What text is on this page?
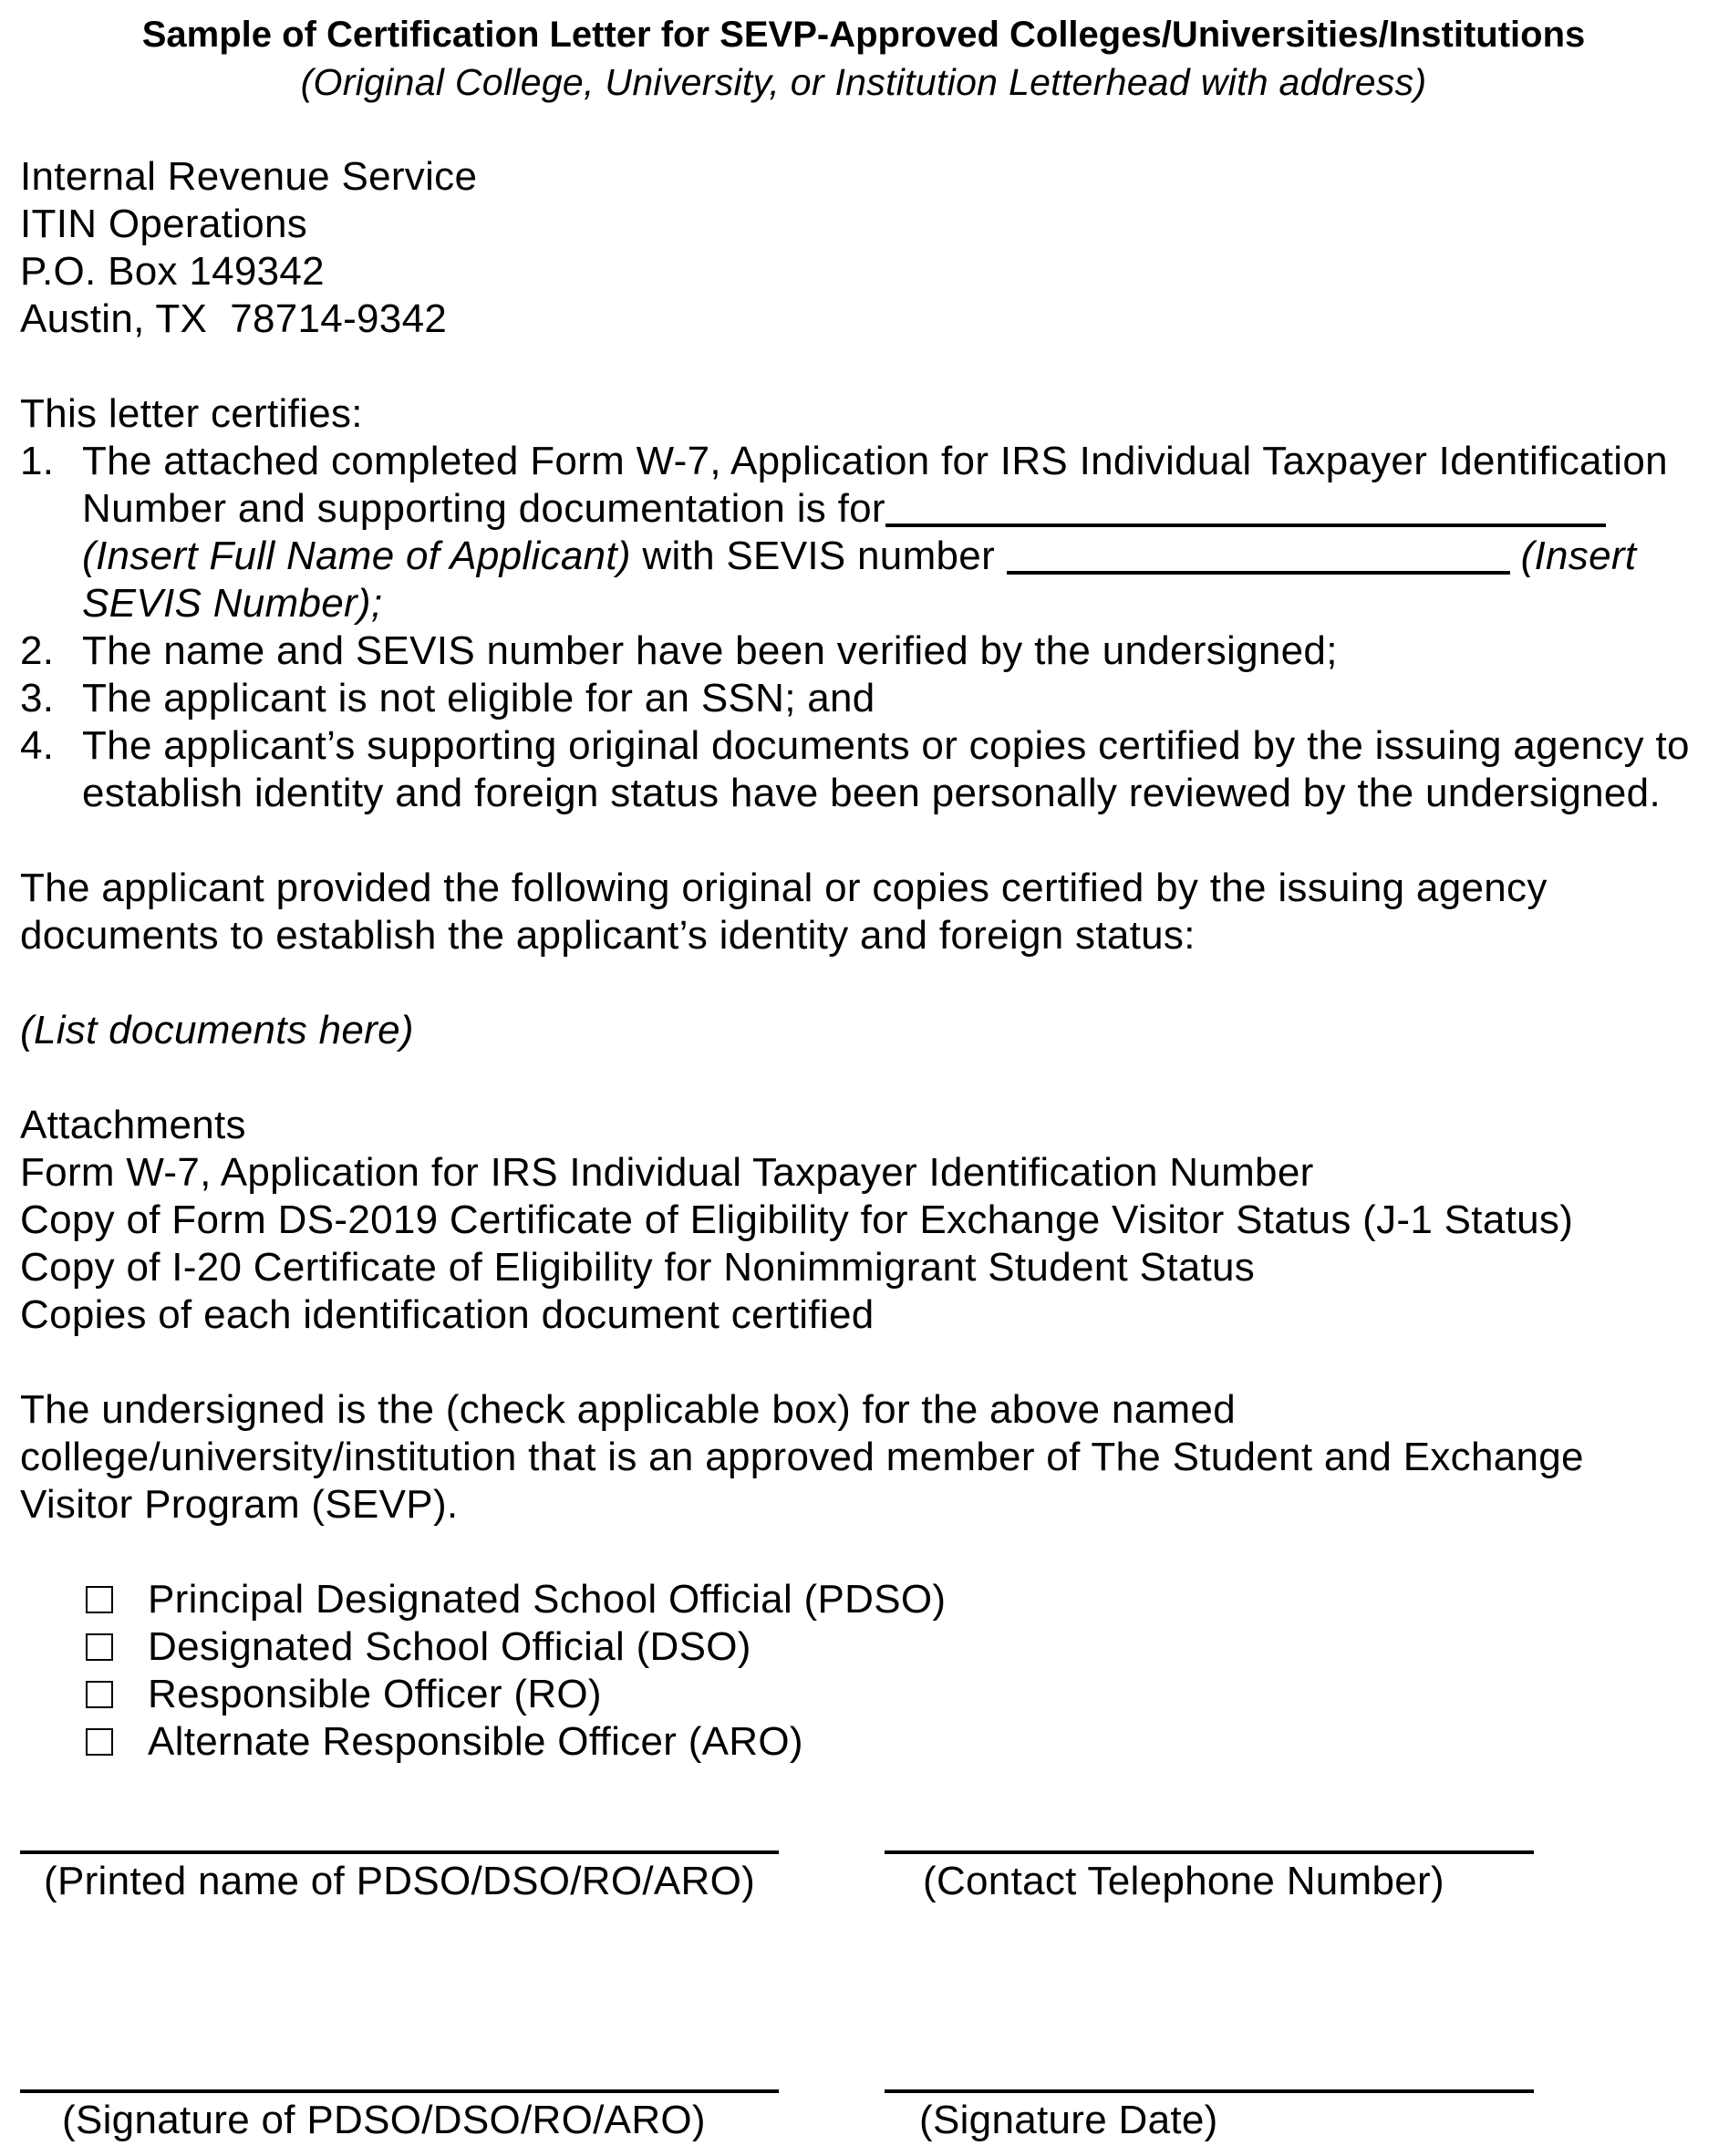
Sample of Certification Letter for SEVP-Approved Colleges/Universities/Institutions
(Original College, University, or Institution Letterhead with address)
Internal Revenue Service
ITIN Operations
P.O. Box 149342
Austin, TX  78714-9342
This letter certifies:
1. The attached completed Form W-7, Application for IRS Individual Taxpayer Identification
Number and supporting documentation is for
(Insert Full Name of Applicant) with SEVIS number	(Insert
SEVIS Number);
2. The name and SEVIS number have been verified by the undersigned;
3. The applicant is not eligible for an SSN; and
4. The applicant’s supporting original documents or copies certified by the issuing agency to
establish identity and foreign status have been personally reviewed by the undersigned.
The applicant provided the following original or copies certified by the issuing agency
documents to establish the applicant’s identity and foreign status:
(List documents here)
Attachments
Form W-7, Application for IRS Individual Taxpayer Identification Number
Copy of Form DS-2019 Certificate of Eligibility for Exchange Visitor Status (J-1 Status)
Copy of I-20 Certificate of Eligibility for Nonimmigrant Student Status
Copies of each identification document certified
The undersigned is the (check applicable box) for the above named
college/university/institution that is an approved member of The Student and Exchange
Visitor Program (SEVP).
Principal Designated School Official (PDSO)
Designated School Official (DSO)
Responsible Officer (RO)
Alternate Responsible Officer (ARO)
(Printed name of PDSO/DSO/RO/ARO)	(Contact Telephone Number)
(Signature of PDSO/DSO/RO/ARO)	(Signature Date)
